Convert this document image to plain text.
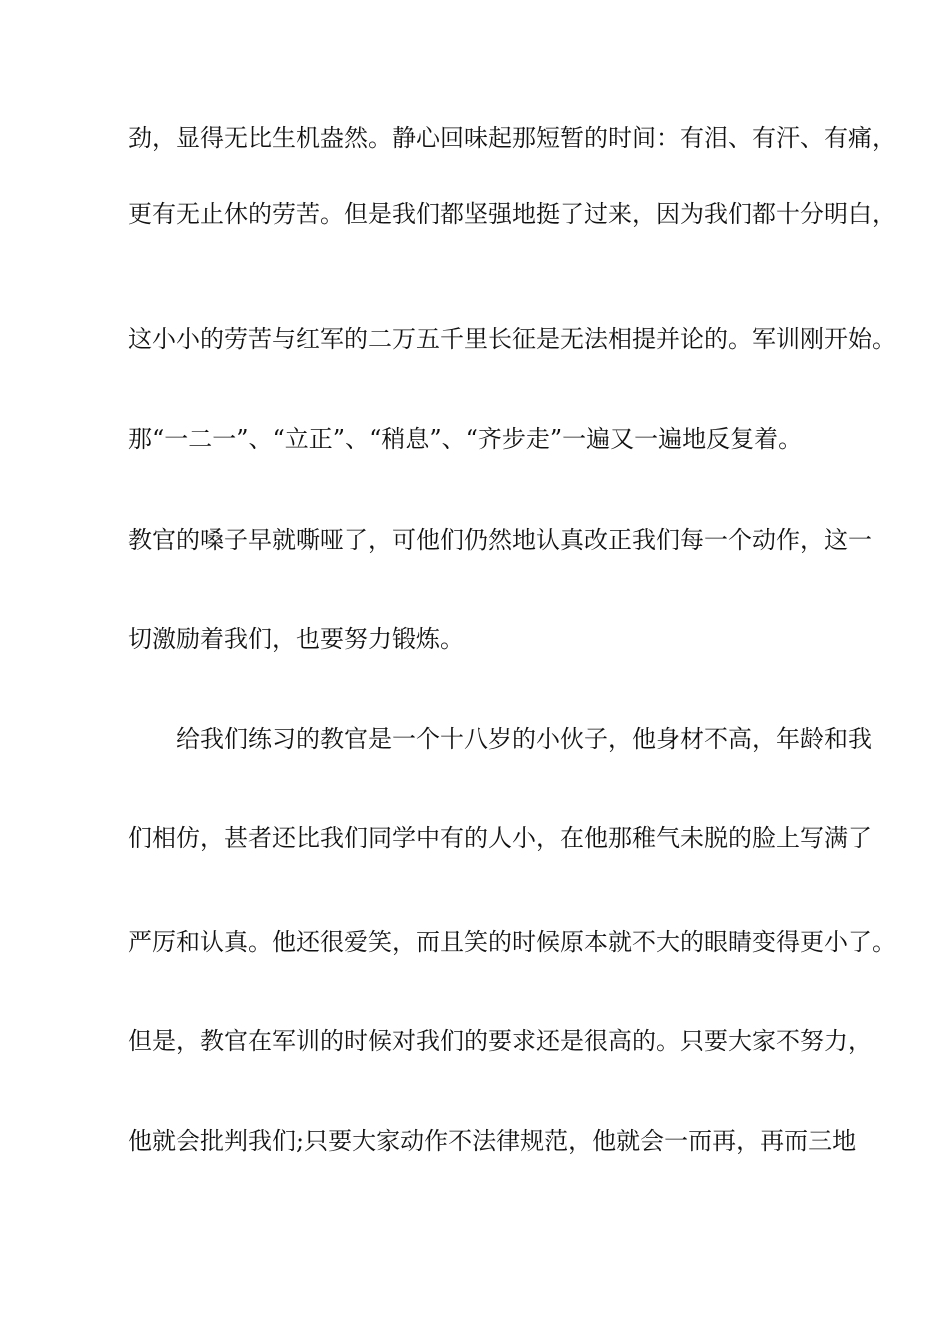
劲，显得无比生机盎然。静心回味起那短暂的时间：有泪、有汗、有痛，
更有无止休的劳苦。但是我们都坚强地挺了过来，因为我们都十分明白，
这小小的劳苦与红军的二万五千里长征是无法相提并论的。军训刚开始。
那“一二一”、“立正”、“稍息”、“齐步走”一遍又一遍地反复着。
教官的嗓子早就嘶哑了，可他们仍然地认真改正我们每一个动作，这一
切激励着我们，也要努力锻炼。
给我们练习的教官是一个十八岁的小伙子，他身材不高，年龄和我
们相仿，甚者还比我们同学中有的人小，在他那稚气未脱的脸上写满了
严厉和认真。他还很爱笑，而且笑的时候原本就不大的眼睛变得更小了。
但是，教官在军训的时候对我们的要求还是很高的。只要大家不努力，
他就会批判我们;只要大家动作不法律规范，他就会一而再，再而三地
